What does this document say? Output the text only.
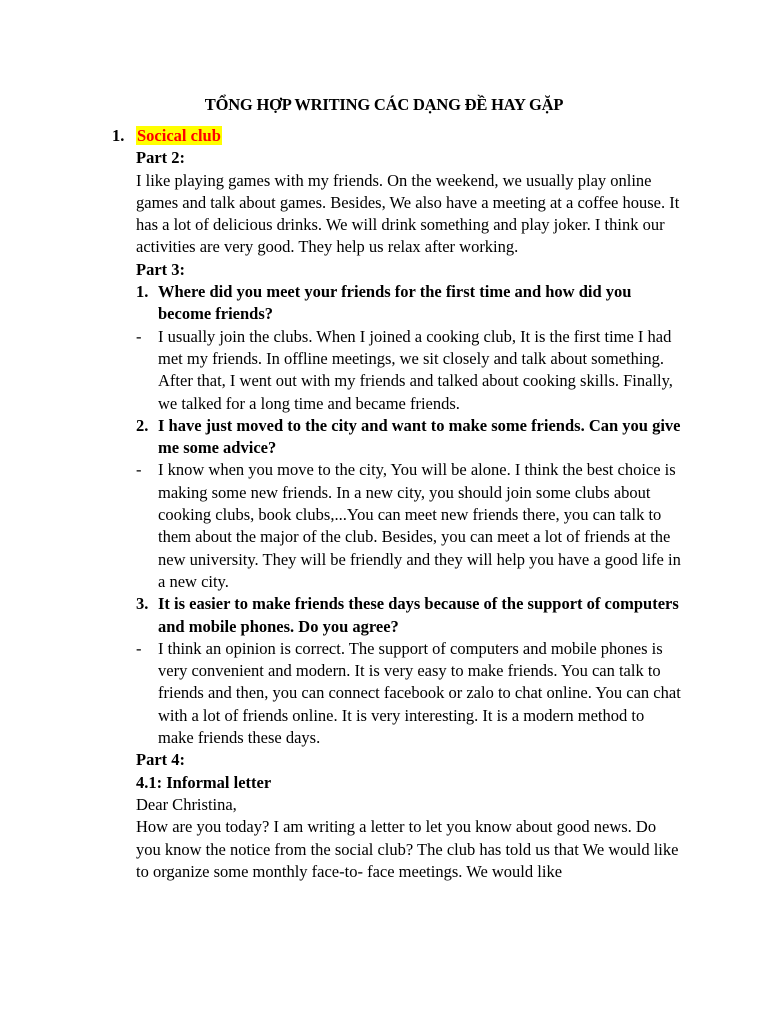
TỔNG HỢP WRITING CÁC DẠNG ĐỀ HAY GẶP
1. Socical club
Part 2:
I like playing games with my friends. On the weekend, we usually play online games and talk about games. Besides, We also have a meeting at a coffee house. It has a lot of delicious drinks. We will drink something and play joker. I think our activities are very good. They help us relax after working.
Part 3:
1. Where did you meet your friends for the first time and how did you become friends?
- I usually join the clubs. When I joined a cooking club, It is the first time I had met my friends. In offline meetings, we sit closely and talk about something. After that, I went out with my friends and talked about cooking skills. Finally, we talked for a long time and became friends.
2. I have just moved to the city and want to make some friends. Can you give me some advice?
- I know when you move to the city, You will be alone. I think the best choice is making some new friends. In a new city, you should join some clubs about cooking clubs, book clubs,...You can meet new friends there, you can talk to them about the major of the club. Besides, you can meet a lot of friends at the new university. They will be friendly and they will help you have a good life in a new city.
3. It is easier to make friends these days because of the support of computers and mobile phones. Do you agree?
- I think an opinion is correct. The support of computers and mobile phones is very convenient and modern. It is very easy to make friends. You can talk to friends and then, you can connect facebook or zalo to chat online. You can chat with a lot of friends online. It is very interesting. It is a modern method to make friends these days.
Part 4:
4.1: Informal letter
Dear Christina,
How are you today? I am writing a letter to let you know about good news. Do you know the notice from the social club? The club has told us that We would like to organize some monthly face-to- face meetings. We would like
